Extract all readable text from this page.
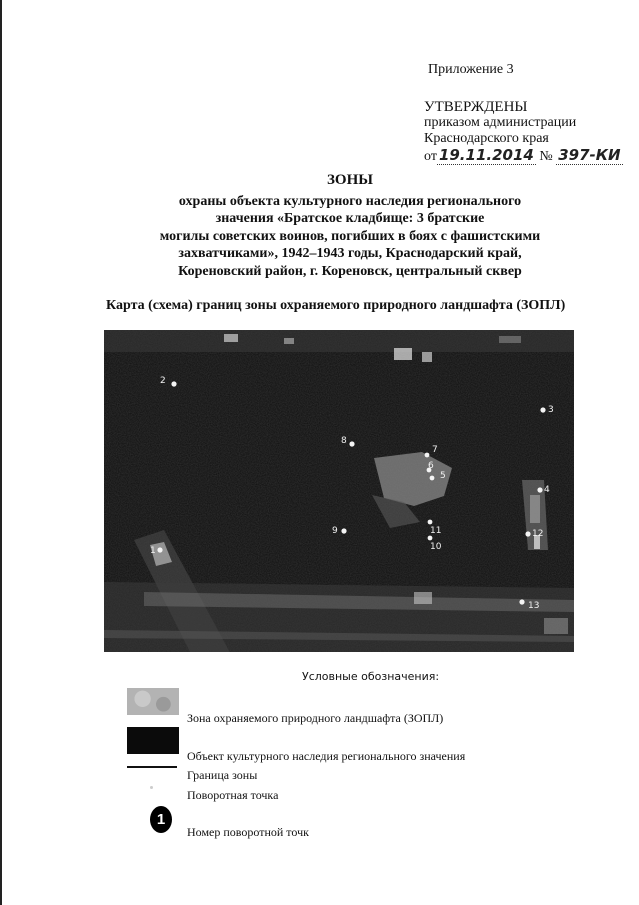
Приложение 3
УТВЕРЖДЕНЫ
приказом администрации
Краснодарского края
от 19.11.2014 № 397-КИ
ЗОНЫ
охраны объекта культурного наследия регионального
значения «Братское кладбище: 3 братские
могилы советских воинов, погибших в боях с фашистскими
захватчиками», 1942–1943 годы, Краснодарский край,
Кореновский район, г. Кореновск, центральный сквер
Карта (схема) границ зоны охраняемого природного ландшафта (ЗОПЛ)
1
2
3
4
5
6
7
8
9
10
11	12
13
Условные обозначения:
Зона охраняемого природного ландшафта (ЗОПЛ)
Объект культурного наследия регионального значения
Граница зоны
Поворотная точка
1
Номер поворотной точк
